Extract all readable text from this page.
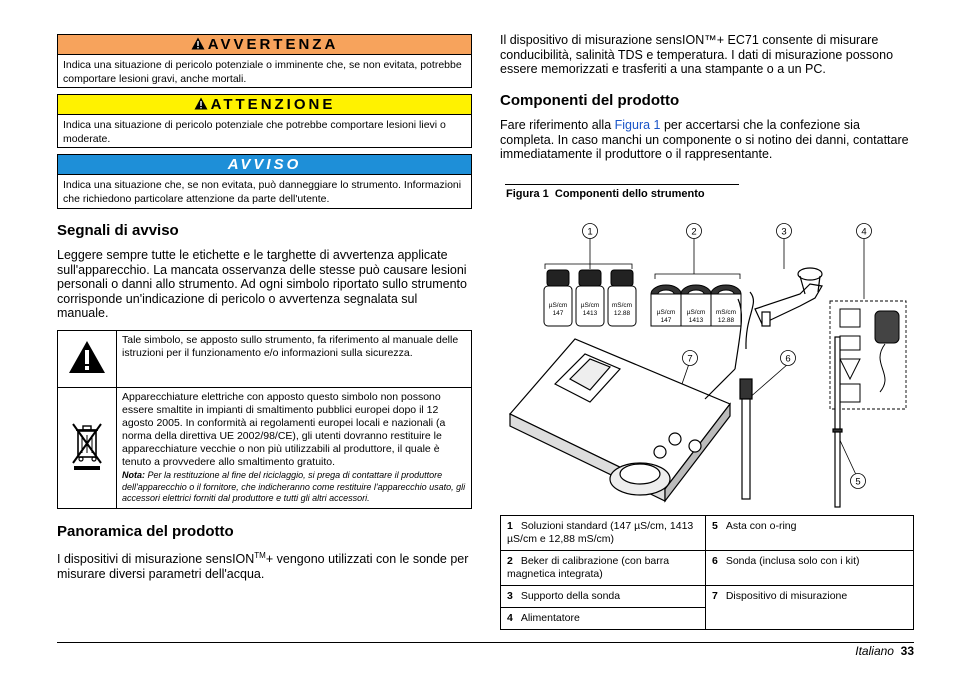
AVVERTENZA
Indica una situazione di pericolo potenziale o imminente che, se non evitata, potrebbe comportare lesioni gravi, anche mortali.
ATTENZIONE
Indica una situazione di pericolo potenziale che potrebbe comportare lesioni lievi o moderate.
AVVISO
Indica una situazione che, se non evitata, può danneggiare lo strumento. Informazioni che richiedono particolare attenzione da parte dell'utente.
Segnali di avviso
Leggere sempre tutte le etichette e le targhette di avvertenza applicate sull'apparecchio. La mancata osservanza delle stesse può causare lesioni personali o danni allo strumento. Ad ogni simbolo riportato sullo strumento corrisponde un'indicazione di pericolo o avvertenza segnalata sul manuale.
	Tale simbolo, se apposto sullo strumento, fa riferimento al manuale delle istruzioni per il funzionamento e/o informazioni sulla sicurezza.

Apparecchiature elettriche con apposto questo simbolo non possono essere smaltite in impianti di smaltimento pubblici europei dopo il 12 agosto 2005. In conformità ai regolamenti europei locali e nazionali (a norma della direttiva UE 2002/98/CE), gli utenti dovranno restituire le apparecchiature vecchie o non più utilizzabili al produttore, il quale è tenuto a provvedere allo smaltimento gratuito.
Nota: Per la restituzione al fine del riciclaggio, si prega di contattare il produttore dell'apparecchio o il fornitore, che indicheranno come restituire l'apparecchio usato, gli accessori elettrici forniti dal produttore e tutti gli altri accessori.
Panoramica del prodotto
I dispositivi di misurazione sensION™+ vengono utilizzati con le sonde per misurare diversi parametri dell'acqua.
Il dispositivo di misurazione sensION™+ EC71 consente di misurare conducibilità, salinità TDS e temperatura. I dati di misurazione possono essere memorizzati e trasferiti a una stampante o a un PC.
Componenti del prodotto
Fare riferimento alla Figura 1 per accertarsi che la confezione sia completa. In caso manchi un componente o si notino dei danni, contattare immediatamente il produttore o il rappresentante.
Figura 1  Componenti dello strumento
µS/cm
147
µS/cm
1413
mS/cm
12.88	µS/cm
147
µS/cm
1413
mS/cm
12.88
1	2	3	4
5
6
7
1 Soluzioni standard (147 µS/cm, 1413 µS/cm e 12,88 mS/cm)	5 Asta con o-ring
2 Beker di calibrazione (con barra magnetica integrata)	6 Sonda (inclusa solo con i kit)
3 Supporto della sonda	7 Dispositivo di misurazione
4 Alimentatore	
Italiano 33
